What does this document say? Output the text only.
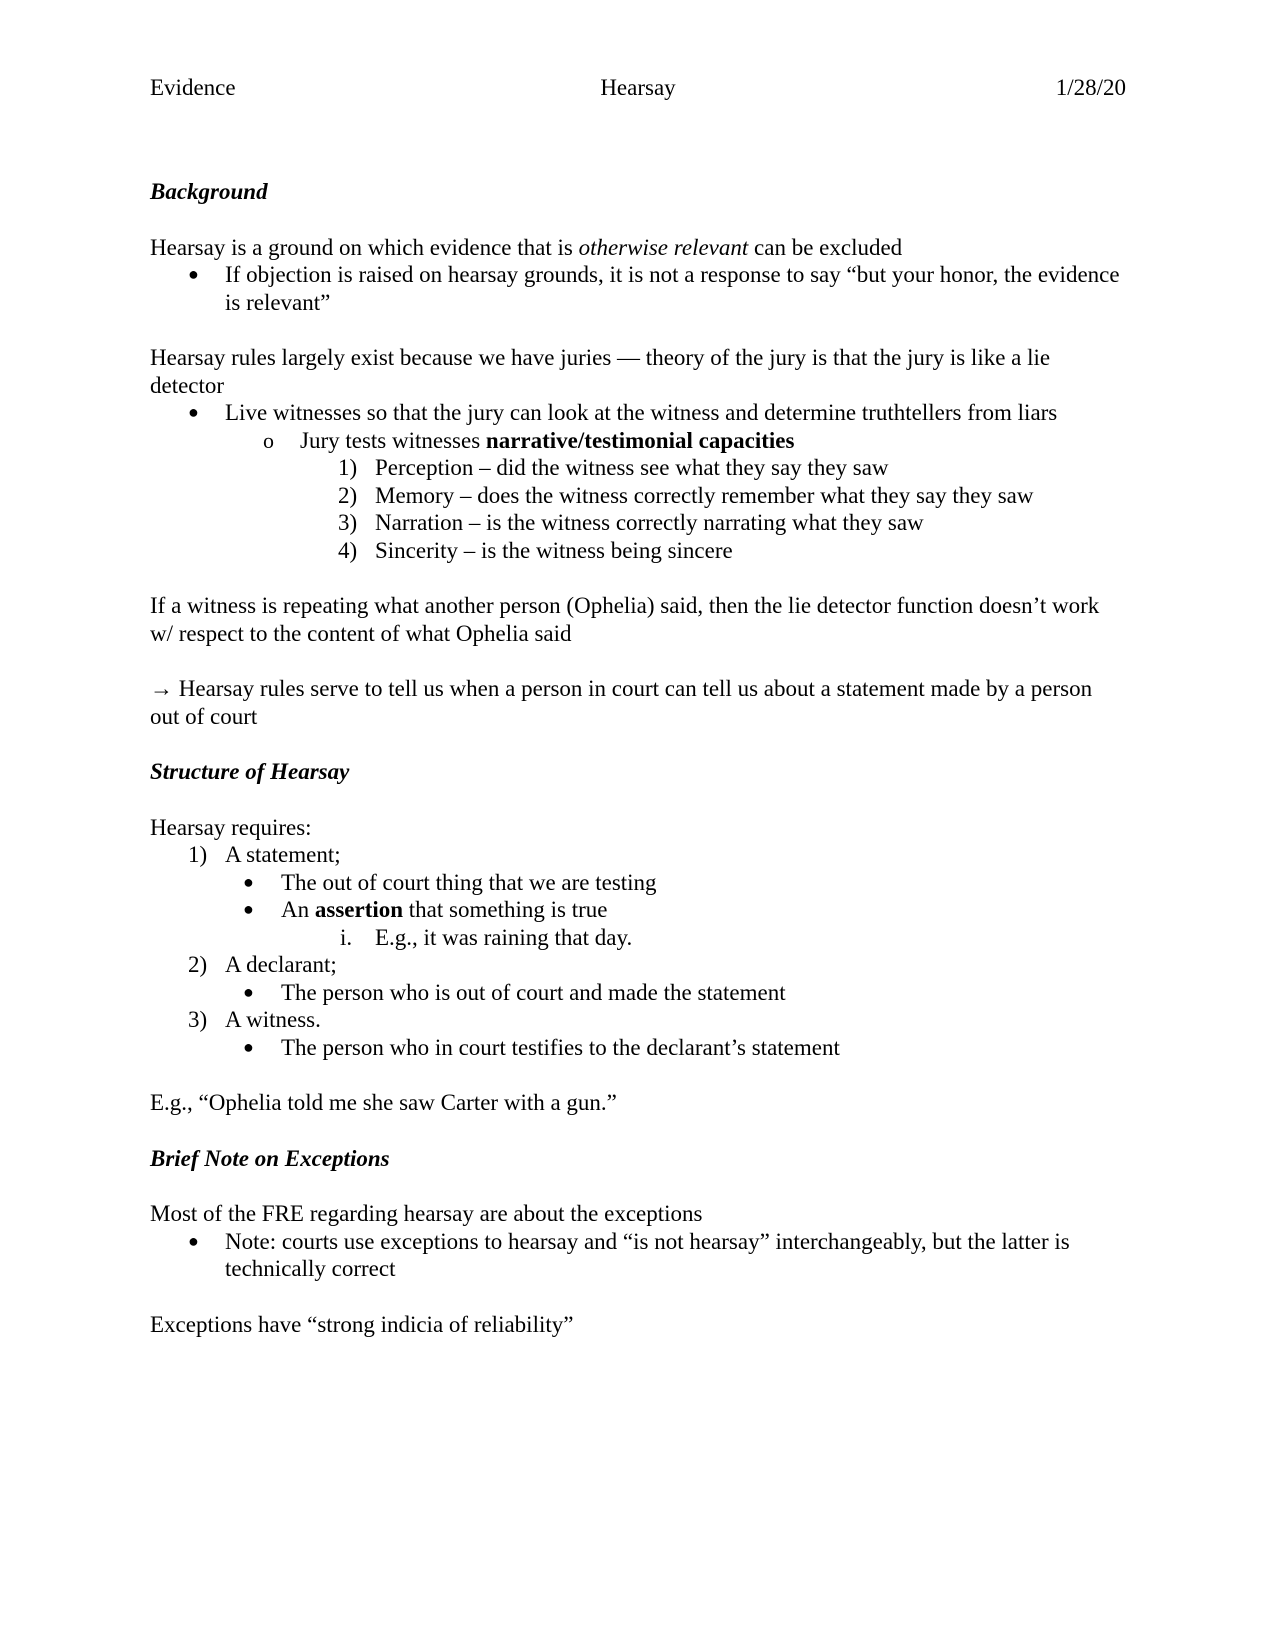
Evidence	Hearsay	1/28/20

Background

Hearsay is a ground on which evidence that is otherwise relevant can be excluded

● If objection is raised on hearsay grounds, it is not a response to say “but your honor, the evidence is relevant”

Hearsay rules largely exist because we have juries — theory of the jury is that the jury is like a lie detector

● Live witnesses so that the jury can look at the witness and determine truthtellers from liars
o Jury tests witnesses narrative/testimonial capacities
1) Perception – did the witness see what they say they saw
2) Memory – does the witness correctly remember what they say they saw
3) Narration – is the witness correctly narrating what they saw
4) Sincerity – is the witness being sincere

If a witness is repeating what another person (Ophelia) said, then the lie detector function doesn’t work w/ respect to the content of what Ophelia said

→ Hearsay rules serve to tell us when a person in court can tell us about a statement made by a person out of court

Structure of Hearsay

Hearsay requires:

1) A statement;
● The out of court thing that we are testing
● An assertion that something is true
i. E.g., it was raining that day.
2) A declarant;
● The person who is out of court and made the statement
3) A witness.
● The person who in court testifies to the declarant’s statement

E.g., “Ophelia told me she saw Carter with a gun.”

Brief Note on Exceptions

Most of the FRE regarding hearsay are about the exceptions

● Note: courts use exceptions to hearsay and “is not hearsay” interchangeably, but the latter is technically correct

Exceptions have “strong indicia of reliability”
